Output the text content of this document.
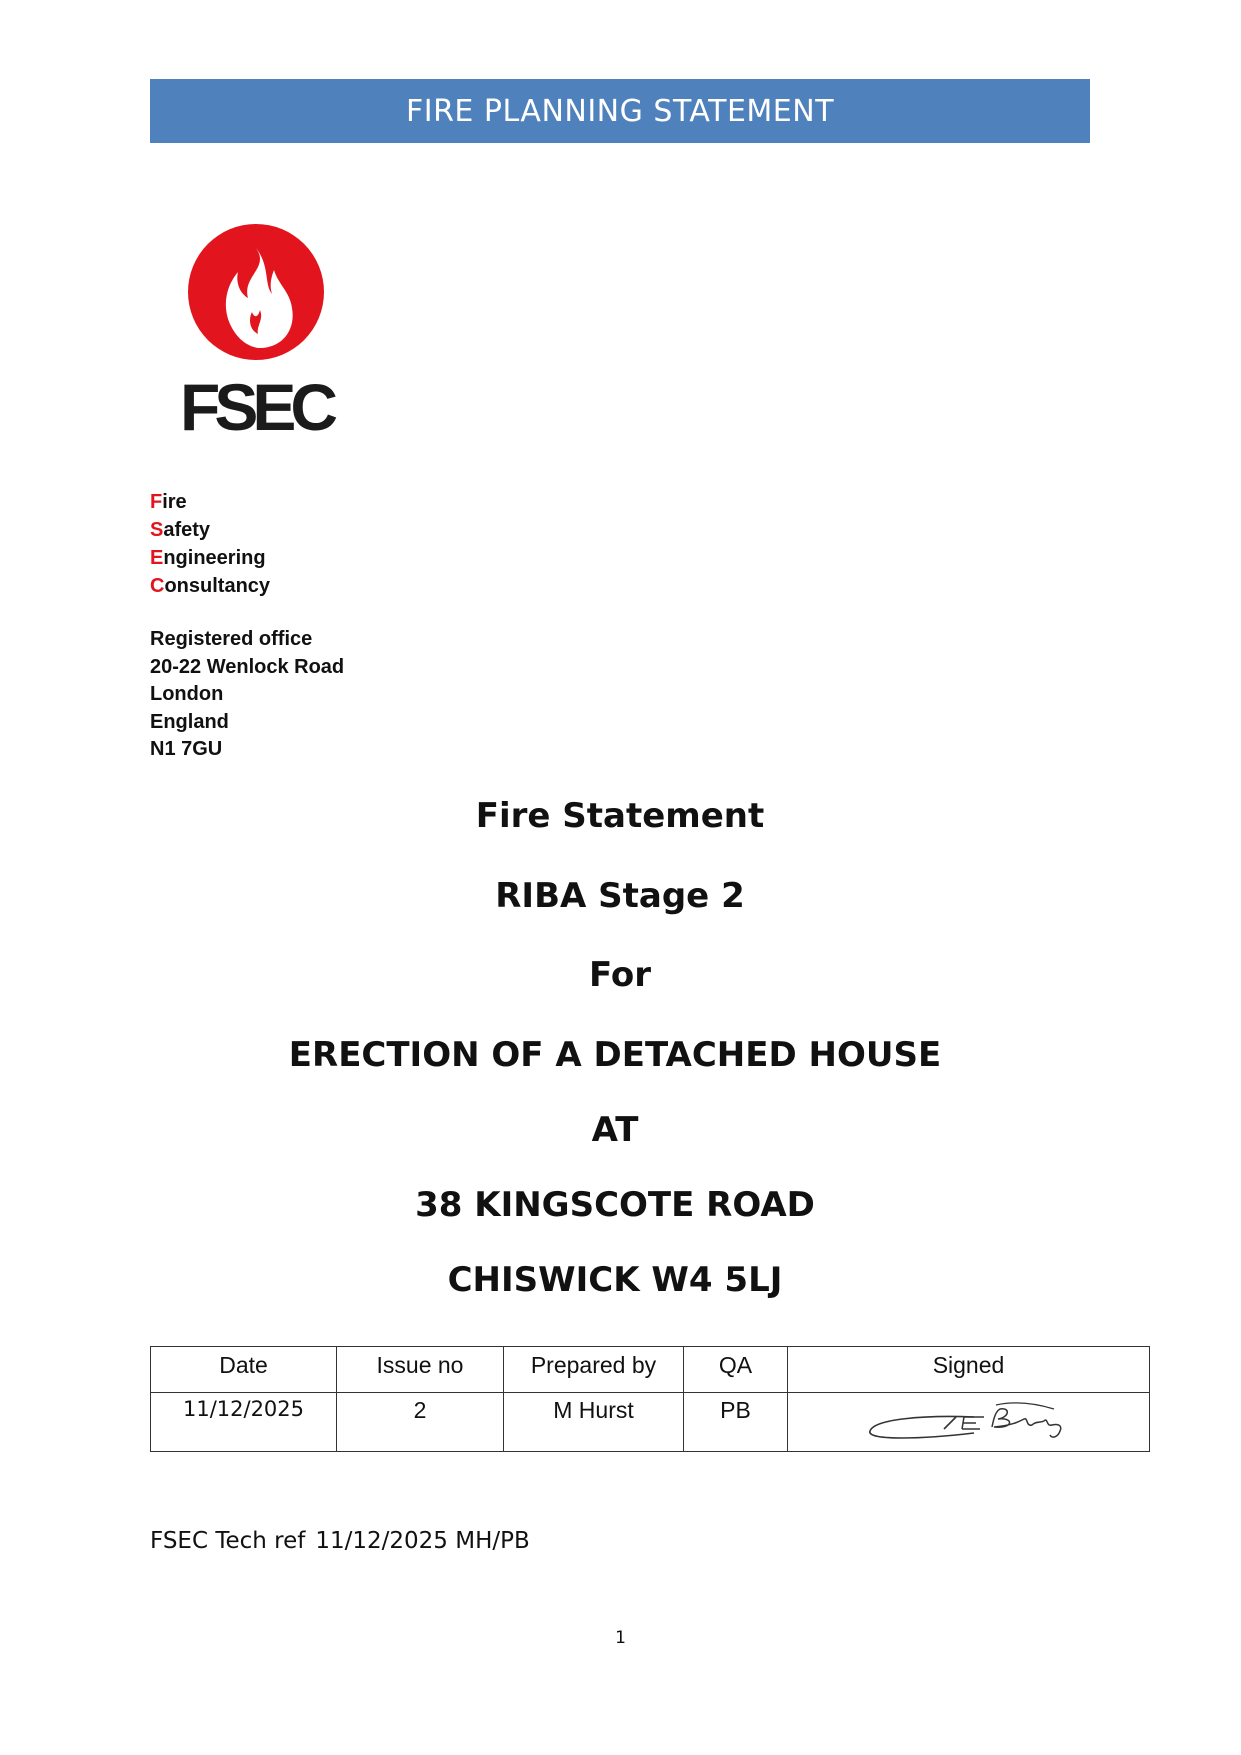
FIRE PLANNING STATEMENT
FSEC
Fire
Safety
Engineering
Consultancy
Registered office
20-22 Wenlock Road
London
England
N1 7GU
Fire Statement
RIBA Stage 2
For
ERECTION OF A DETACHED HOUSE
AT
38 KINGSCOTE ROAD
CHISWICK W4 5LJ
Date	Issue no	Prepared by	QA	Signed
11/12/2025	2	M Hurst	PB	
FSEC Tech ref 11/12/2025 MH/PB
1
